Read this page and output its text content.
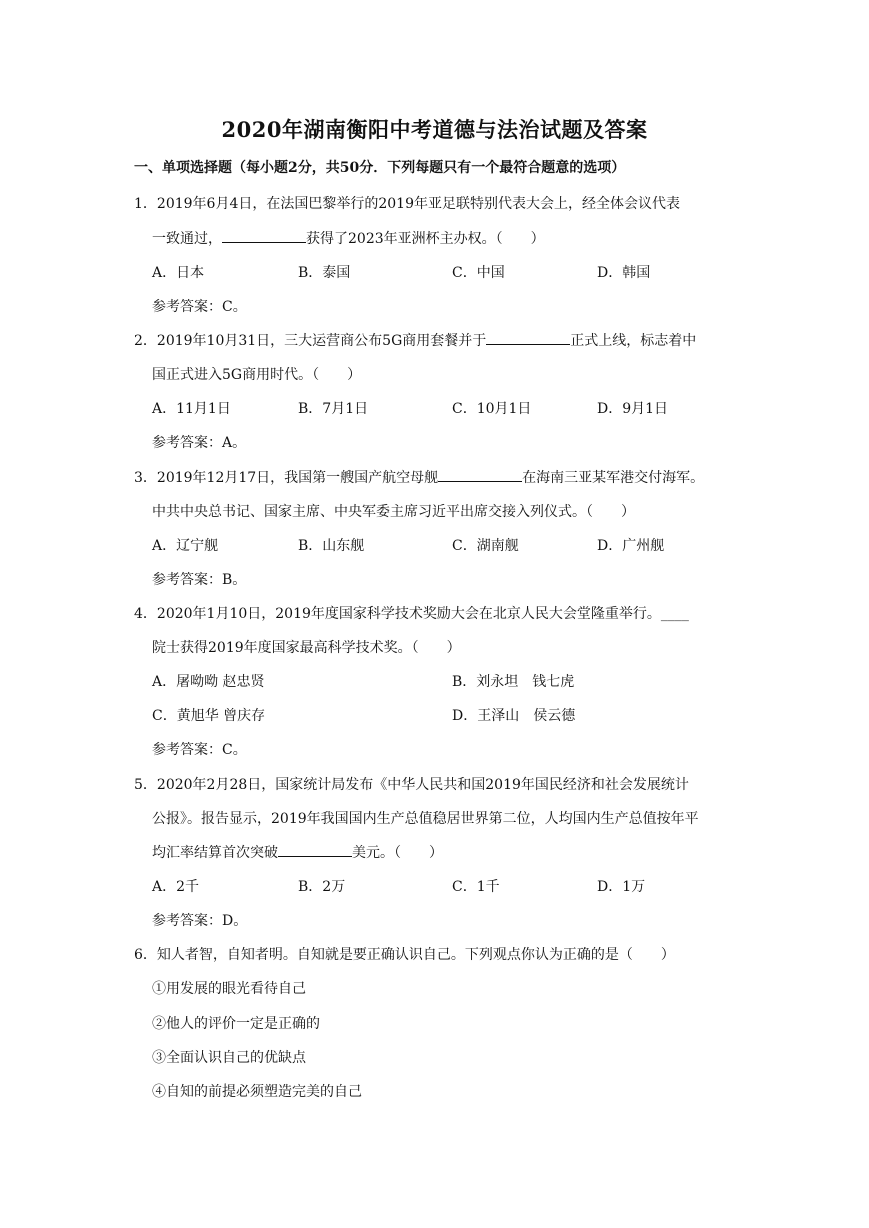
2020年湖南衡阳中考道德与法治试题及答案
一、单项选择题（每小题2分，共50分．下列每题只有一个最符合题意的选项）
1．2019年6月4日，在法国巴黎举行的2019年亚足联特别代表大会上，经全体会议代表
一致通过，	获得了2023年亚洲杯主办权。（　　）
A．日本	B．泰国	C．中国	D．韩国
参考答案：C。
2．2019年10月31日，三大运营商公布5G商用套餐并于	正式上线，标志着中
国正式进入5G商用时代。（　　）
A．11月1日	B．7月1日	C．10月1日	D．9月1日
参考答案：A。
3．2019年12月17日，我国第一艘国产航空母舰	在海南三亚某军港交付海军。
中共中央总书记、国家主席、中央军委主席习近平出席交接入列仪式。（　　）
A．辽宁舰	B．山东舰	C．湖南舰	D．广州舰
参考答案：B。
4．2020年1月10日，2019年度国家科学技术奖励大会在北京人民大会堂隆重举行。____
院士获得2019年度国家最高科学技术奖。（　　）
A．屠呦呦 赵忠贤	B．刘永坦　钱七虎
C．黄旭华 曾庆存	D．王泽山　侯云德
参考答案：C。
5．2020年2月28日，国家统计局发布《中华人民共和国2019年国民经济和社会发展统计
公报》。报告显示，2019年我国国内生产总值稳居世界第二位，人均国内生产总值按年平
均汇率结算首次突破	美元。（　　）
A．2千	B．2万	C．1千	D．1万
参考答案：D。
6．知人者智，自知者明。自知就是要正确认识自己。下列观点你认为正确的是（　　）
①用发展的眼光看待自己
②他人的评价一定是正确的
③全面认识自己的优缺点
④自知的前提必须塑造完美的自己
